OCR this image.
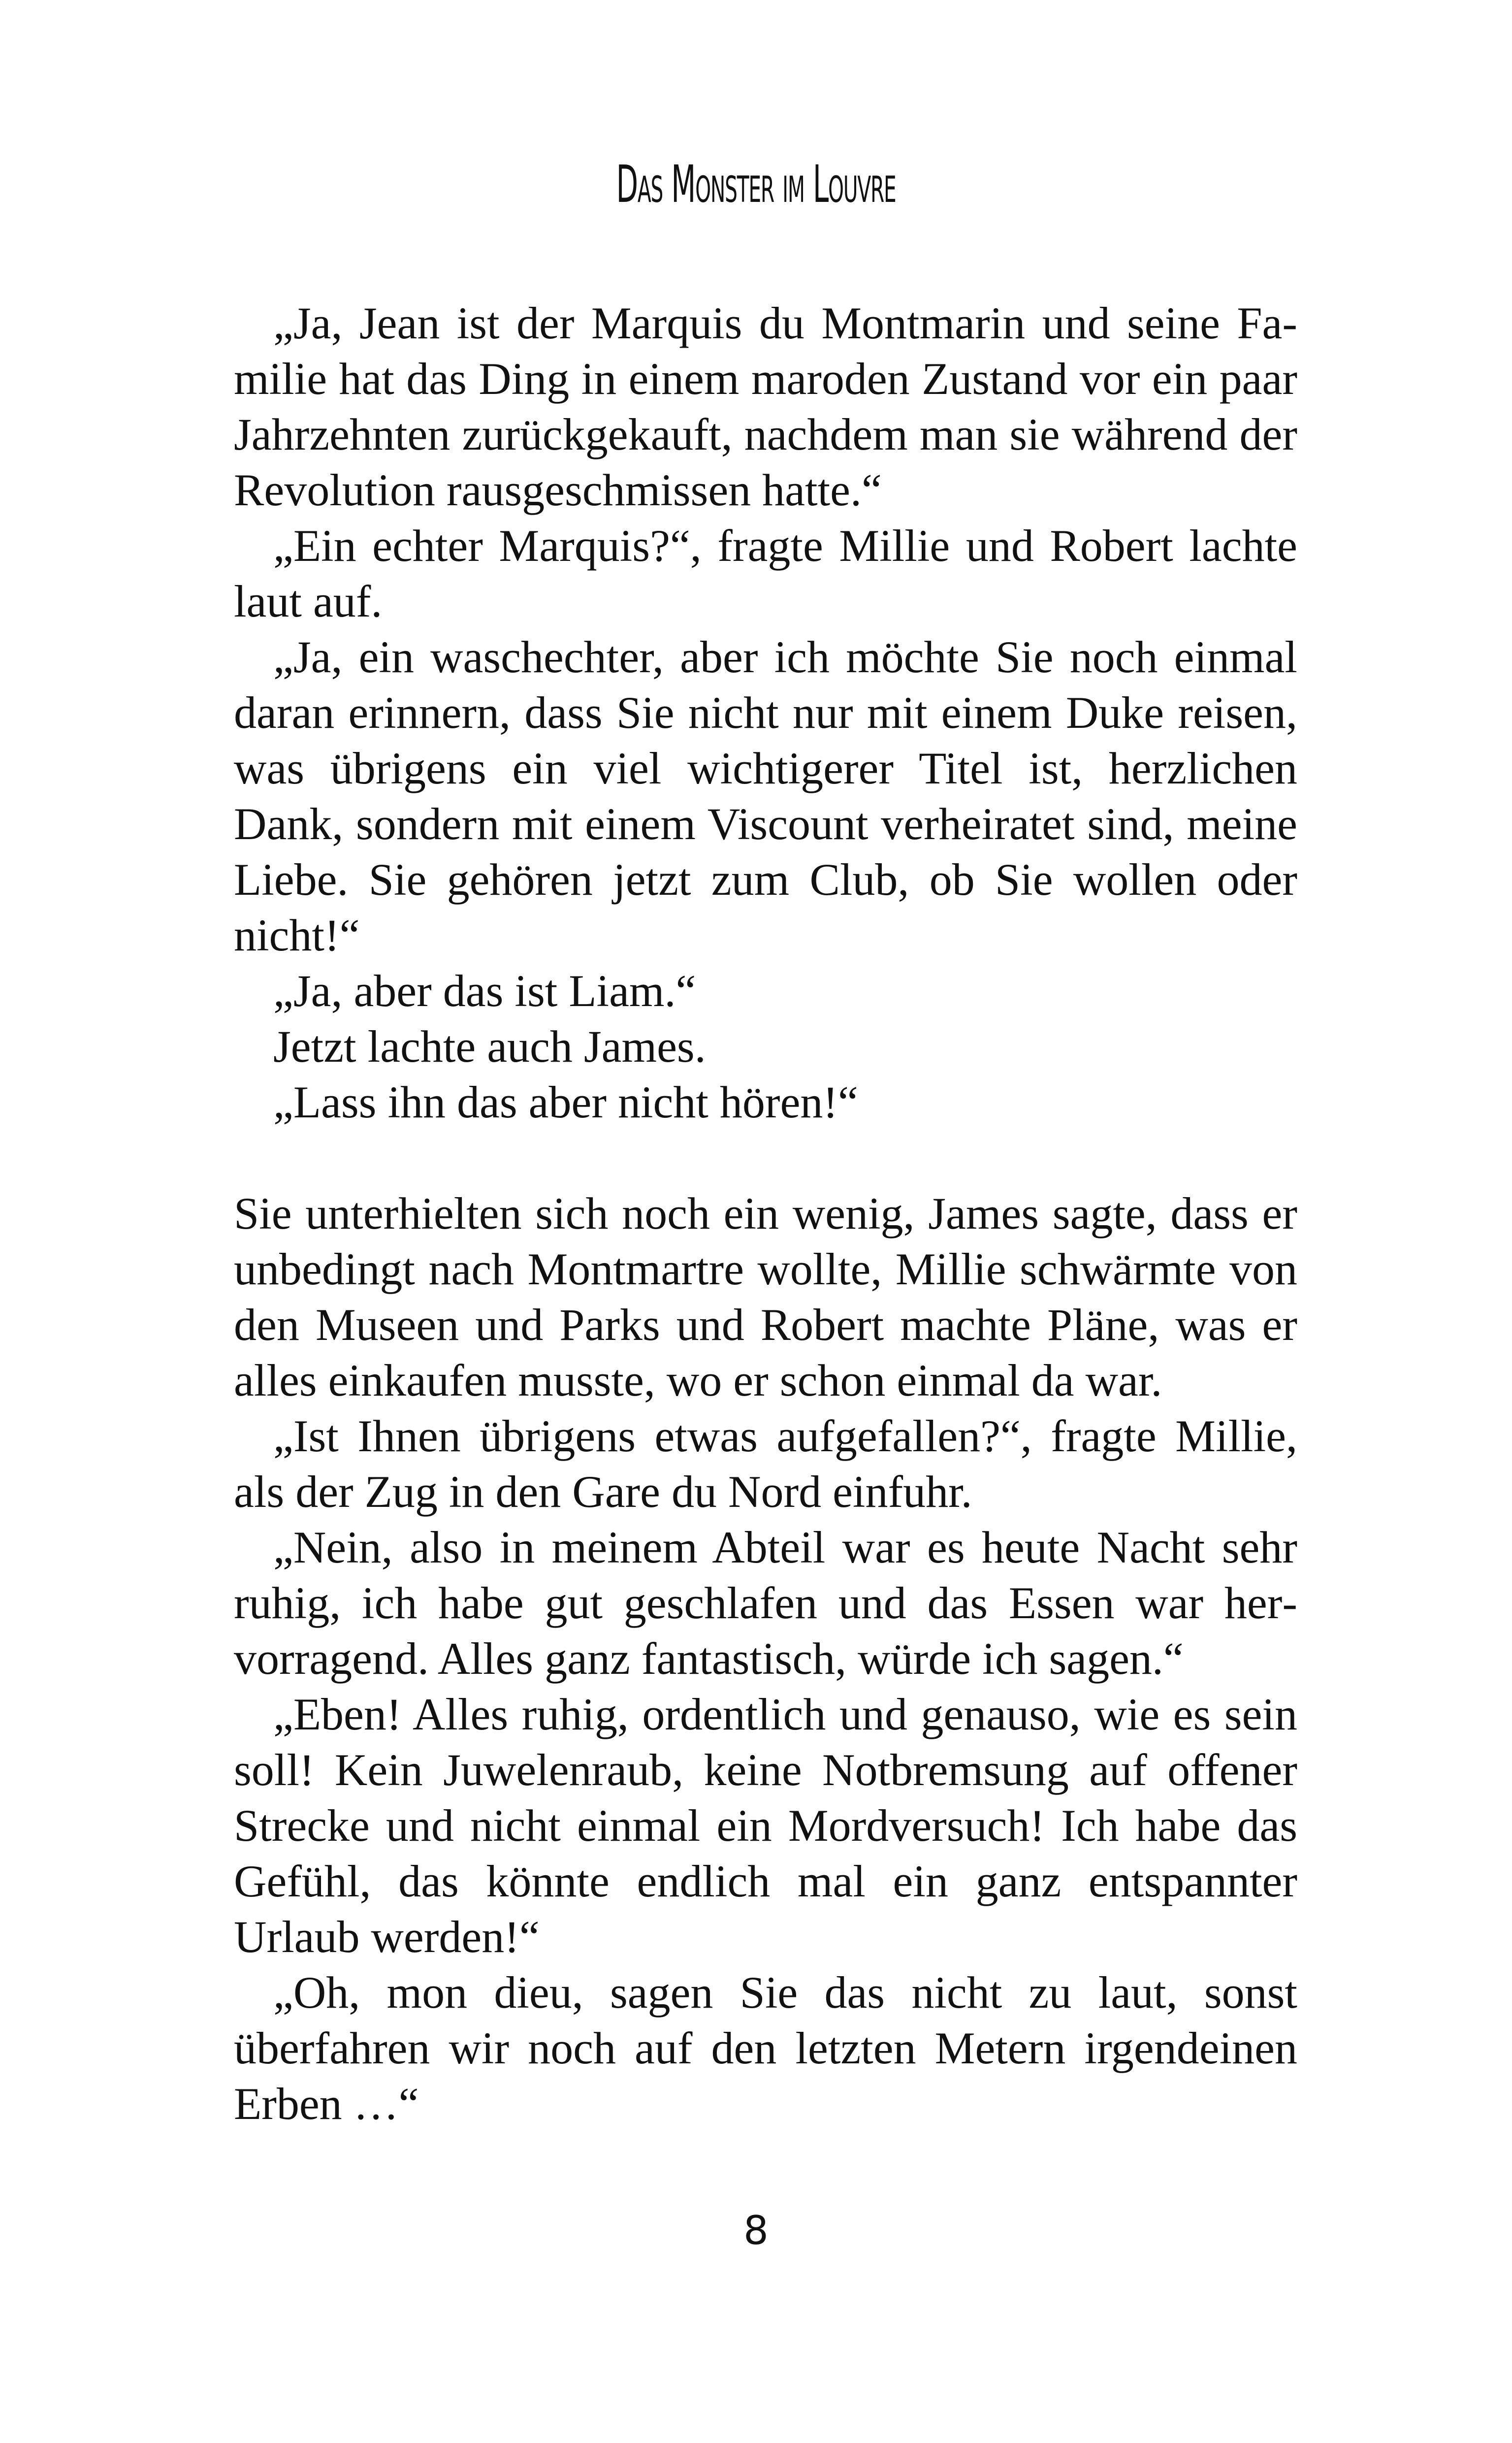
Das Monster im Louvre

„Ja, Jean ist der Marquis du Montmarin und seine Familie hat das Ding in einem maroden Zustand vor ein paar Jahrzehnten zurückgekauft, nachdem man sie während der Revolution rausgeschmissen hatte.“

„Ein echter Marquis?“, fragte Millie und Robert lachte laut auf.

„Ja, ein waschechter, aber ich möchte Sie noch einmal daran erinnern, dass Sie nicht nur mit einem Duke reisen, was übrigens ein viel wichtigerer Titel ist, herzlichen Dank, sondern mit einem Viscount verheiratet sind, meine Liebe. Sie gehören jetzt zum Club, ob Sie wollen oder nicht!“

„Ja, aber das ist Liam.“

Jetzt lachte auch James.

„Lass ihn das aber nicht hören!“

Sie unterhielten sich noch ein wenig, James sagte, dass er unbedingt nach Montmartre wollte, Millie schwärmte von den Museen und Parks und Robert machte Pläne, was er alles einkaufen musste, wo er schon einmal da war.

„Ist Ihnen übrigens etwas aufgefallen?“, fragte Millie, als der Zug in den Gare du Nord einfuhr.

„Nein, also in meinem Abteil war es heute Nacht sehr ruhig, ich habe gut geschlafen und das Essen war hervorragend. Alles ganz fantastisch, würde ich sagen.“

„Eben! Alles ruhig, ordentlich und genauso, wie es sein soll! Kein Juwelenraub, keine Notbremsung auf offener Strecke und nicht einmal ein Mordversuch! Ich habe das Gefühl, das könnte endlich mal ein ganz entspannter Urlaub werden!“

„Oh, mon dieu, sagen Sie das nicht zu laut, sonst überfahren wir noch auf den letzten Metern irgendeinen Erben …“

8
